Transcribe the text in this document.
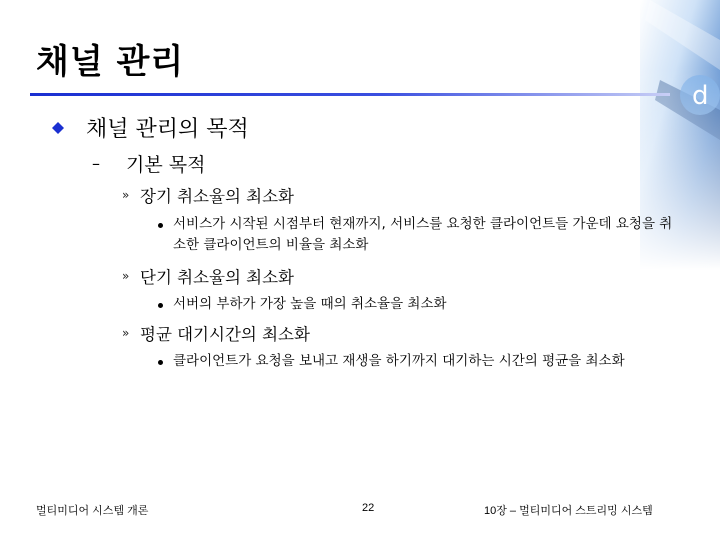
채널 관리
채널 관리의 목적
–	기본 목적
» 장기 취소율의 최소화
서비스가 시작된 시점부터 현재까지, 서비스를 요청한 클라이언트들 가운데 요청을 취소한 클라이언트의 비율을 최소화
» 단기 취소율의 최소화
서버의 부하가 가장 높을 때의 취소율을 최소화
» 평균 대기시간의 최소화
클라이언트가 요청을 보내고 재생을 하기까지 대기하는 시간의 평균을 최소화
멀티미디어 시스템 개론	22	10장 – 멀티미디어 스트리밍 시스템
